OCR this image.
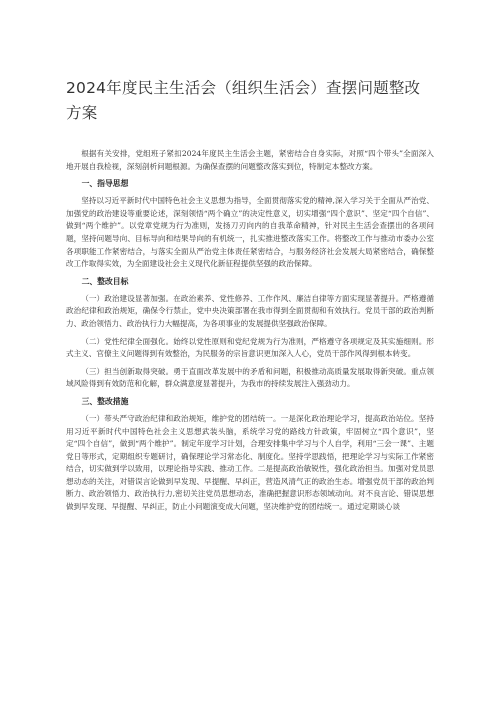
2024年度民主生活会（组织生活会）查摆问题整改方案

根据有关安排，党组班子紧扣2024年度民主生活会主题，紧密结合自身实际，对照“四个带头”全面深入地开展自我检视，深刻剖析问题根源。为确保查摆的问题整改落实到位，特制定本整改方案。

一、指导思想

坚持以习近平新时代中国特色社会主义思想为指导，全面贯彻落实党的精神,深入学习关于全面从严治党、加强党的政治建设等重要论述，深刻领悟“两个确立”的决定性意义，切实增强“四个意识”、坚定“四个自信”、做到“两个维护”。以党章党规为行为准则，发扬刀刃向内的自我革命精神，针对民主生活会查摆出的各项问题，坚持问题导向、目标导向和结果导向的有机统一，扎实推进整改落实工作。将整改工作与推动市委办公室各项职能工作紧密结合，与落实全面从严治党主体责任紧密结合，与服务经济社会发展大局紧密结合，确保整改工作取得实效，为全面建设社会主义现代化新征程提供坚强的政治保障。

二、整改目标

（一）政治建设显著加强。在政治素养、党性修养、工作作风、廉洁自律等方面实现显著提升。严格遵循政治纪律和政治规矩，确保令行禁止，党中央决策部署在我市得到全面贯彻和有效执行。党员干部的政治判断力、政治领悟力、政治执行力大幅提高，为各项事业的发展提供坚强政治保障。

（二）党性纪律全面强化。始终以党性原则和党纪党规为行为准则，严格遵守各项规定及其实施细则。形式主义、官僚主义问题得到有效整治，为民服务的宗旨意识更加深入人心，党员干部作风得到根本转变。

（三）担当创新取得突破。勇于直面改革发展中的矛盾和问题，积极推动高质量发展取得新突破。重点领域风险得到有效防范和化解，群众满意度显著提升，为我市的持续发展注入强劲动力。

三、整改措施

（一）带头严守政治纪律和政治规矩，维护党的团结统一。一是深化政治理论学习，提高政治站位。坚持用习近平新时代中国特色社会主义思想武装头脑，系统学习党的路线方针政策，牢固树立“四个意识”，坚定“四个自信”，做到“两个维护”。制定年度学习计划，合理安排集中学习与个人自学，利用“三会一课”、主题党日等形式，定期组织专题研讨，确保理论学习常态化、制度化。坚持学思践悟，把理论学习与实际工作紧密结合，切实做到学以致用，以理论指导实践、推动工作。二是提高政治敏锐性，强化政治担当。加强对党员思想动态的关注，对错误言论做到早发现、早提醒、早纠正，营造风清气正的政治生态。增强党员干部的政治判断力、政治领悟力、政治执行力,密切关注党员思想动态，准确把握意识形态领域动向。对不良言论、错误思想做到早发现、早提醒、早纠正，防止小问题演变成大问题，坚决维护党的团结统一。通过定期谈心谈
